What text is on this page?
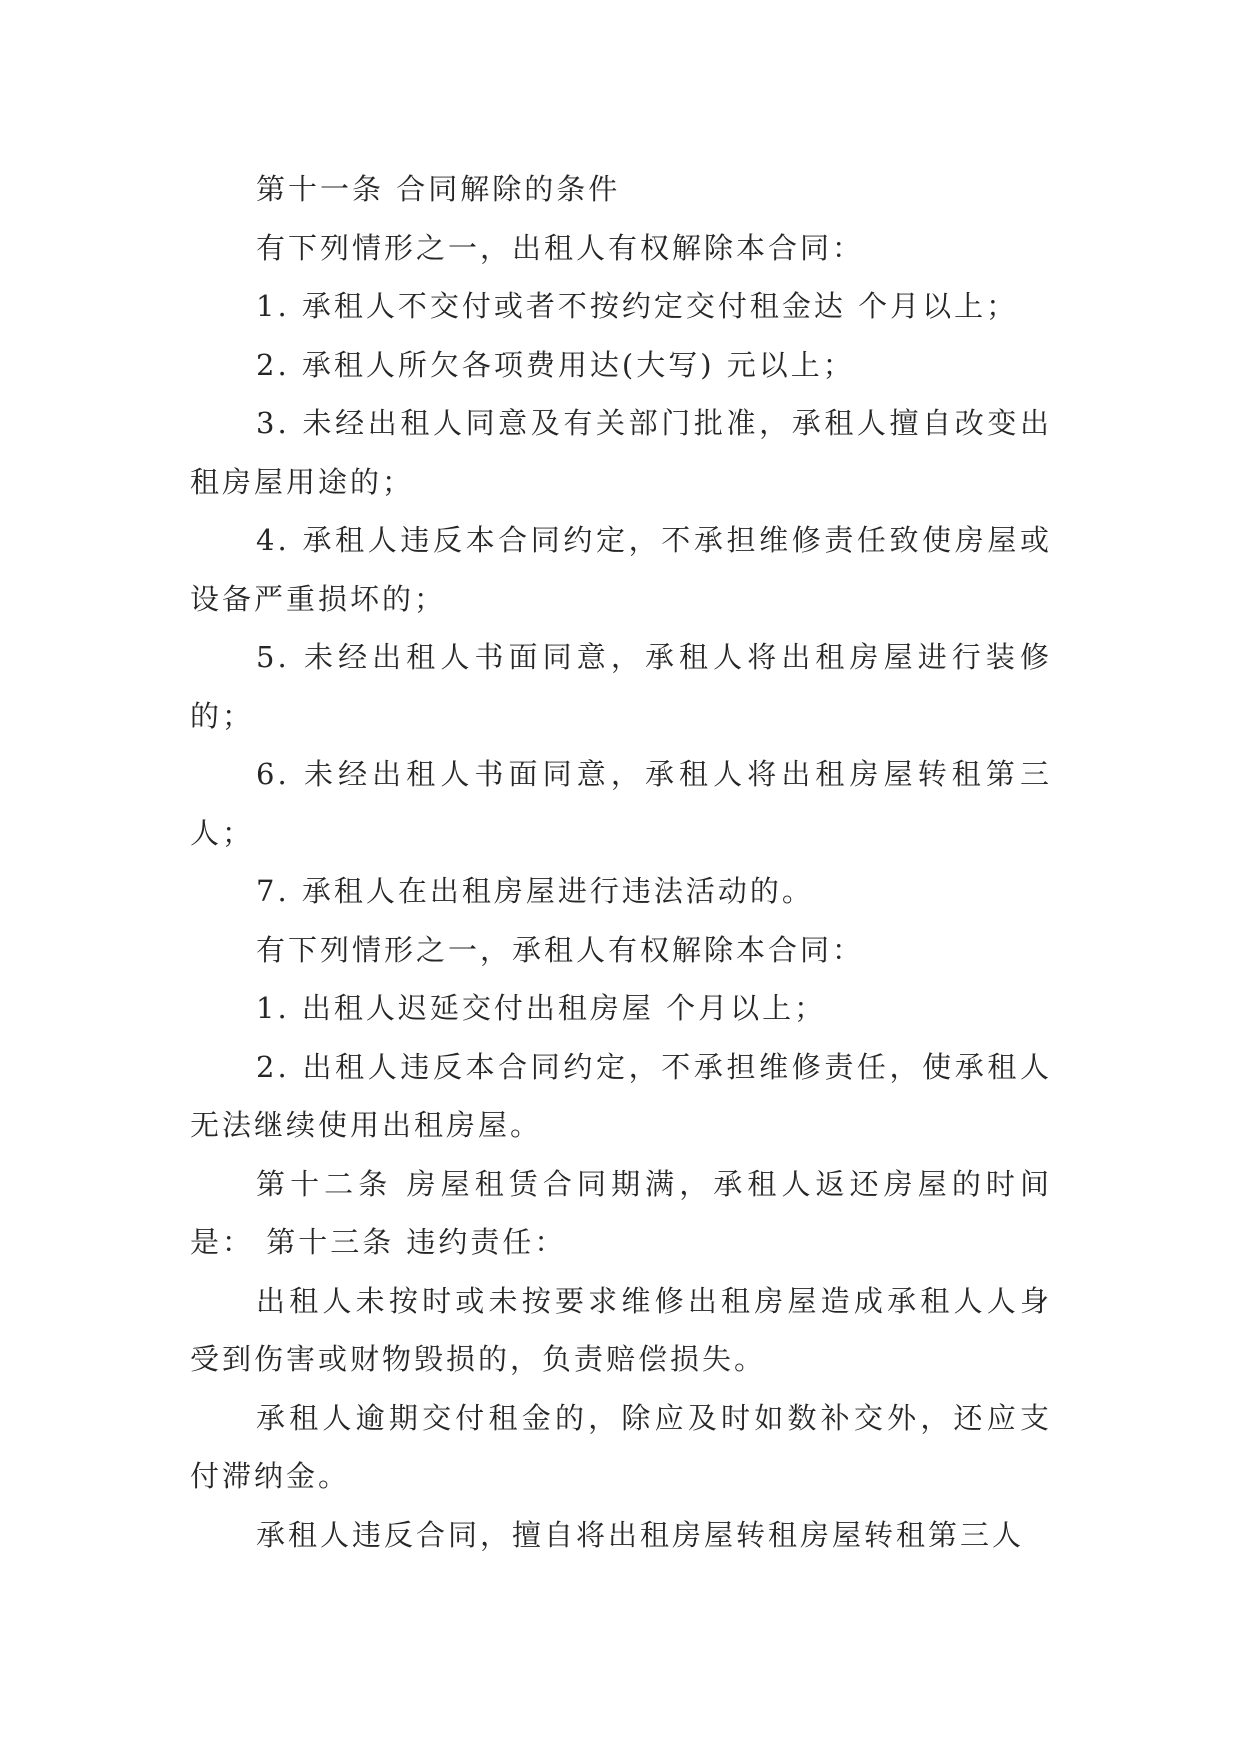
第十一条 合同解除的条件

有下列情形之一，出租人有权解除本合同：

1. 承租人不交付或者不按约定交付租金达 个月以上；

2. 承租人所欠各项费用达(大写) 元以上；

3. 未经出租人同意及有关部门批准，承租人擅自改变出租房屋用途的；

4. 承租人违反本合同约定，不承担维修责任致使房屋或设备严重损坏的；

5. 未经出租人书面同意，承租人将出租房屋进行装修的；

6. 未经出租人书面同意，承租人将出租房屋转租第三人；

7. 承租人在出租房屋进行违法活动的。

有下列情形之一，承租人有权解除本合同：

1. 出租人迟延交付出租房屋 个月以上；

2. 出租人违反本合同约定，不承担维修责任，使承租人无法继续使用出租房屋。

第十二条 房屋租赁合同期满，承租人返还房屋的时间是： 第十三条 违约责任：

出租人未按时或未按要求维修出租房屋造成承租人人身受到伤害或财物毁损的，负责赔偿损失。

承租人逾期交付租金的，除应及时如数补交外，还应支付滞纳金。

承租人违反合同，擅自将出租房屋转租房屋转租第三人
